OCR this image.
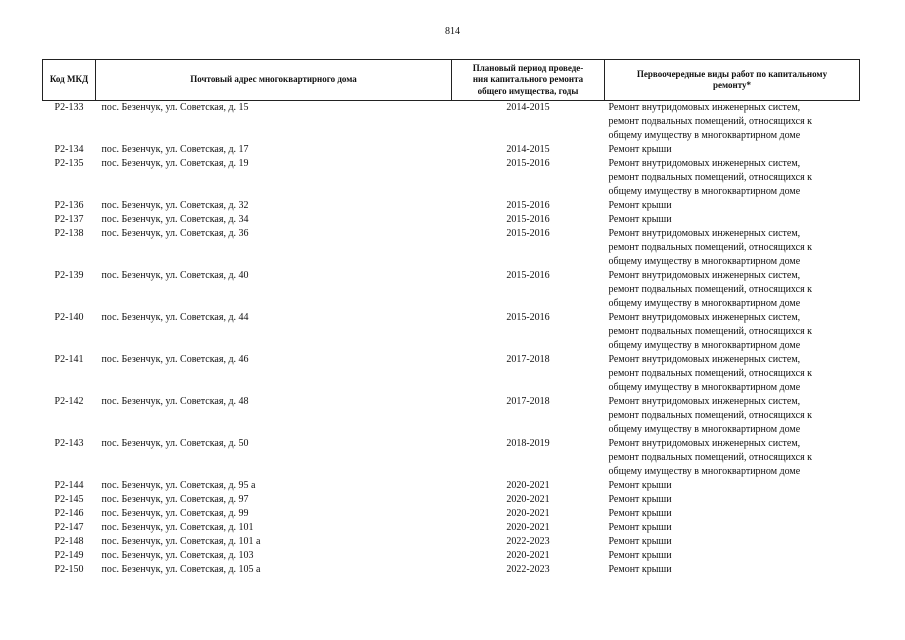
814
Код МКД	Почтовый адрес многоквартирного дома	Плановый период проведе-
ния капитального ремонта
общего имущества, годы	Первоочередные виды работ по капитальному
ремонту*

Р2-133	пос. Безенчук, ул. Советская, д. 15	2014-2015	Ремонт внутридомовых инженерных систем,
ремонт подвальных помещений, относящихся к
общему имуществу в многоквартирном доме

Р2-134	пос. Безенчук, ул. Советская, д. 17	2014-2015	Ремонт крыши

Р2-135	пос. Безенчук, ул. Советская, д. 19	2015-2016	Ремонт внутридомовых инженерных систем,
ремонт подвальных помещений, относящихся к
общему имуществу в многоквартирном доме

Р2-136	пос. Безенчук, ул. Советская, д. 32	2015-2016	Ремонт крыши

Р2-137	пос. Безенчук, ул. Советская, д. 34	2015-2016	Ремонт крыши

Р2-138	пос. Безенчук, ул. Советская, д. 36	2015-2016	Ремонт внутридомовых инженерных систем,
ремонт подвальных помещений, относящихся к
общему имуществу в многоквартирном доме

Р2-139	пос. Безенчук, ул. Советская, д. 40	2015-2016	Ремонт внутридомовых инженерных систем,
ремонт подвальных помещений, относящихся к
общему имуществу в многоквартирном доме

Р2-140	пос. Безенчук, ул. Советская, д. 44	2015-2016	Ремонт внутридомовых инженерных систем,
ремонт подвальных помещений, относящихся к
общему имуществу в многоквартирном доме

Р2-141	пос. Безенчук, ул. Советская, д. 46	2017-2018	Ремонт внутридомовых инженерных систем,
ремонт подвальных помещений, относящихся к
общему имуществу в многоквартирном доме

Р2-142	пос. Безенчук, ул. Советская, д. 48	2017-2018	Ремонт внутридомовых инженерных систем,
ремонт подвальных помещений, относящихся к
общему имуществу в многоквартирном доме

Р2-143	пос. Безенчук, ул. Советская, д. 50	2018-2019	Ремонт внутридомовых инженерных систем,
ремонт подвальных помещений, относящихся к
общему имуществу в многоквартирном доме

Р2-144	пос. Безенчук, ул. Советская, д. 95 а	2020-2021	Ремонт крыши

Р2-145	пос. Безенчук, ул. Советская, д. 97	2020-2021	Ремонт крыши

Р2-146	пос. Безенчук, ул. Советская, д. 99	2020-2021	Ремонт крыши

Р2-147	пос. Безенчук, ул. Советская, д. 101	2020-2021	Ремонт крыши

Р2-148	пос. Безенчук, ул. Советская, д. 101 а	2022-2023	Ремонт крыши

Р2-149	пос. Безенчук, ул. Советская, д. 103	2020-2021	Ремонт крыши

Р2-150	пос. Безенчук, ул. Советская, д. 105 а	2022-2023	Ремонт крыши
